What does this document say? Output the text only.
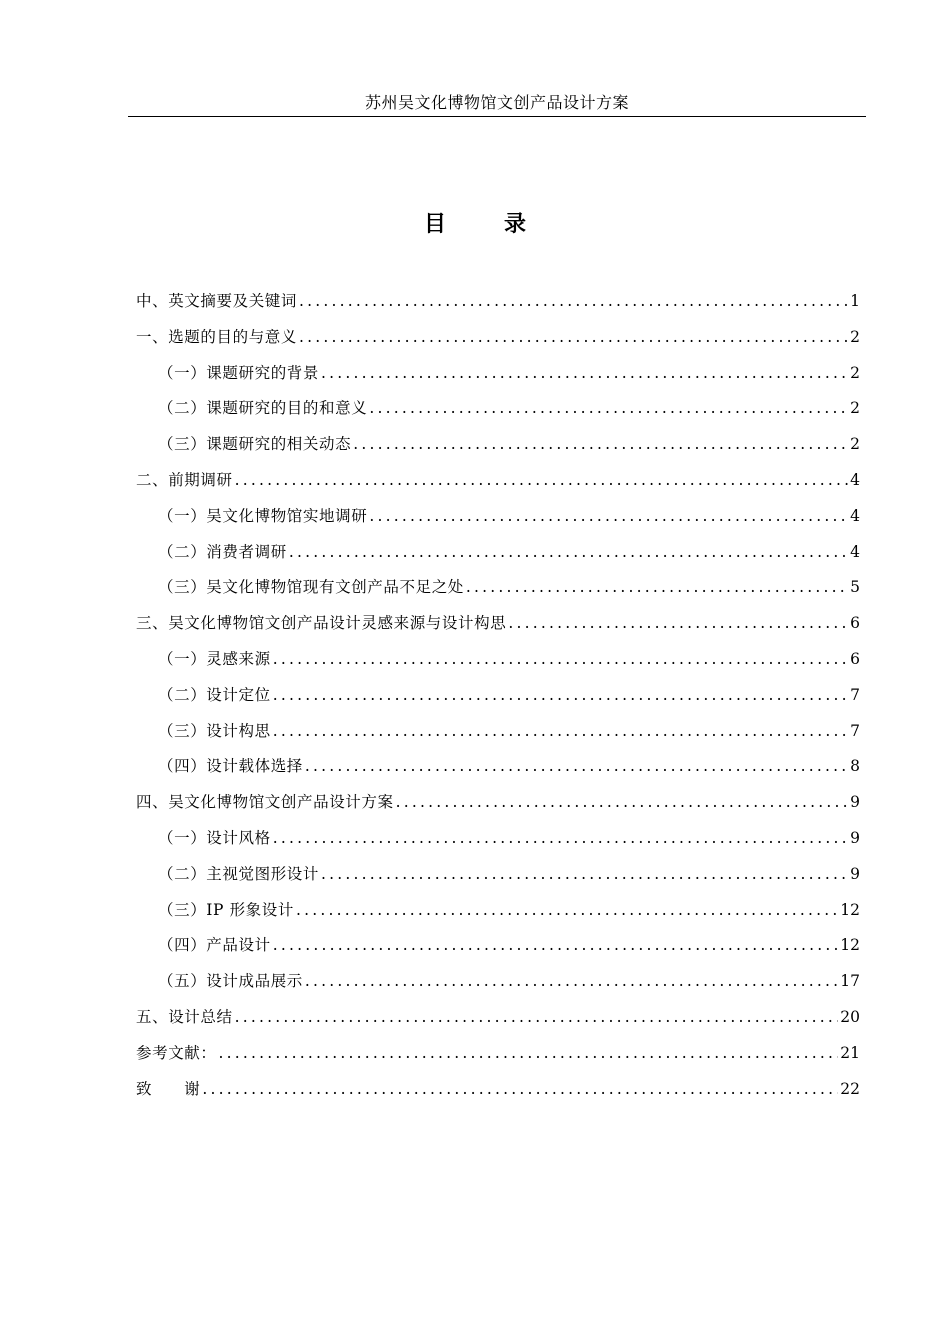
苏州吴文化博物馆文创产品设计方案
目	录
中、英文摘要及关键词 .....	1
一、选题的目的与意义 .....	2
（一）课题研究的背景 .....	2
（二）课题研究的目的和意义 .....	2
（三）课题研究的相关动态 .....	2
二、前期调研 .....	4
（一）吴文化博物馆实地调研 .....	4
（二）消费者调研 .....	4
（三）吴文化博物馆现有文创产品不足之处 .....	5
三、吴文化博物馆文创产品设计灵感来源与设计构思 .....	6
（一）灵感来源 .....	6
（二）设计定位 .....	7
（三）设计构思 .....	7
（四）设计载体选择 .....	8
四、吴文化博物馆文创产品设计方案 .....	9
（一）设计风格 .....	9
（二）主视觉图形设计 .....	9
（三）IP 形象设计 .....	12
（四）产品设计 .....	12
（五）设计成品展示 .....	17
五、设计总结 .....	20
参考文献： .....	21
致　　谢 .....	22
